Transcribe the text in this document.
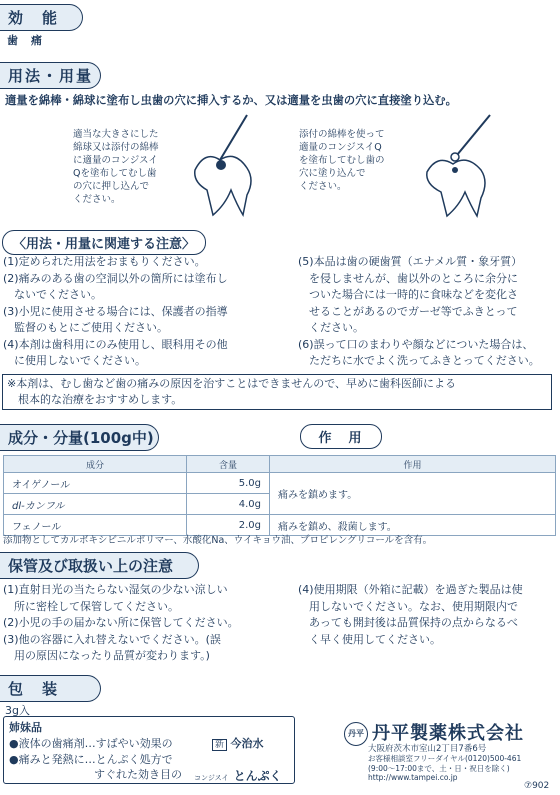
効　能
歯　痛
用法・用量
適量を綿棒・綿球に塗布し虫歯の穴に挿入するか、又は適量を虫歯の穴に直接塗り込む。
適当な大きさにした
綿球又は添付の綿棒
に適量のコンジスイ
Qを塗布してむし歯
の穴に押し込んで
ください。
添付の綿棒を使って
適量のコンジスイQ
を塗布してむし歯の
穴に塗り込んで
ください。
〈用法・用量に関連する注意〉
(1)定められた用法をおまもりください。
(2)痛みのある歯の空洞以外の箇所には塗布し
　ないでください。
(3)小児に使用させる場合には、保護者の指導
　監督のもとにご使用ください。
(4)本剤は歯科用にのみ使用し、眼科用その他
　に使用しないでください。
(5)本品は歯の硬歯質（エナメル質・象牙質）
　を侵しませんが、歯以外のところに余分に
　ついた場合には一時的に食味などを変化さ
　せることがあるのでガーゼ等でふきとって
　ください。
(6)誤って口のまわりや顔などについた場合は、
　ただちに水でよく洗ってふきとってください。
※本剤は、むし歯など歯の痛みの原因を治すことはできませんので、早めに歯科医師による
　根本的な治療をおすすめします。
成分・分量(100g中)	作　用
成分	含量	作用
オイゲノール	5.0g	痛みを鎮めます。
dl-カンフル	4.0g	
フェノール	2.0g	痛みを鎮め、殺菌します。
添加物としてカルボキシビニルポリマー、水酸化Na、ウイキョウ油、プロピレングリコールを含有。
保管及び取扱い上の注意
(1)直射日光の当たらない湿気の少ない涼しい
　所に密栓して保管してください。
(2)小児の手の届かない所に保管してください。
(3)他の容器に入れ替えないでください。(誤
　用の原因になったり品質が変わります。)
(4)使用期限（外箱に記載）を過ぎた製品は使
　用しないでください。なお、使用期限内で
　あっても開封後は品質保持の点からなるべ
　く早く使用してください。
包　装
3g入
姉妹品
●液体の歯痛剤…すばやい効果の	新 今治水
●痛みと発熱に…とんぷく処方で
すぐれた効き目の コンジスイ とんぷく
丹平 丹平製薬株式会社
大阪府茨木市室山2丁目7番6号
お客様相談室フリーダイヤル(0120)500-461
(9:00～17:00まで、土・日・祝日を除く)
http://www.tampei.co.jp
⑦902
